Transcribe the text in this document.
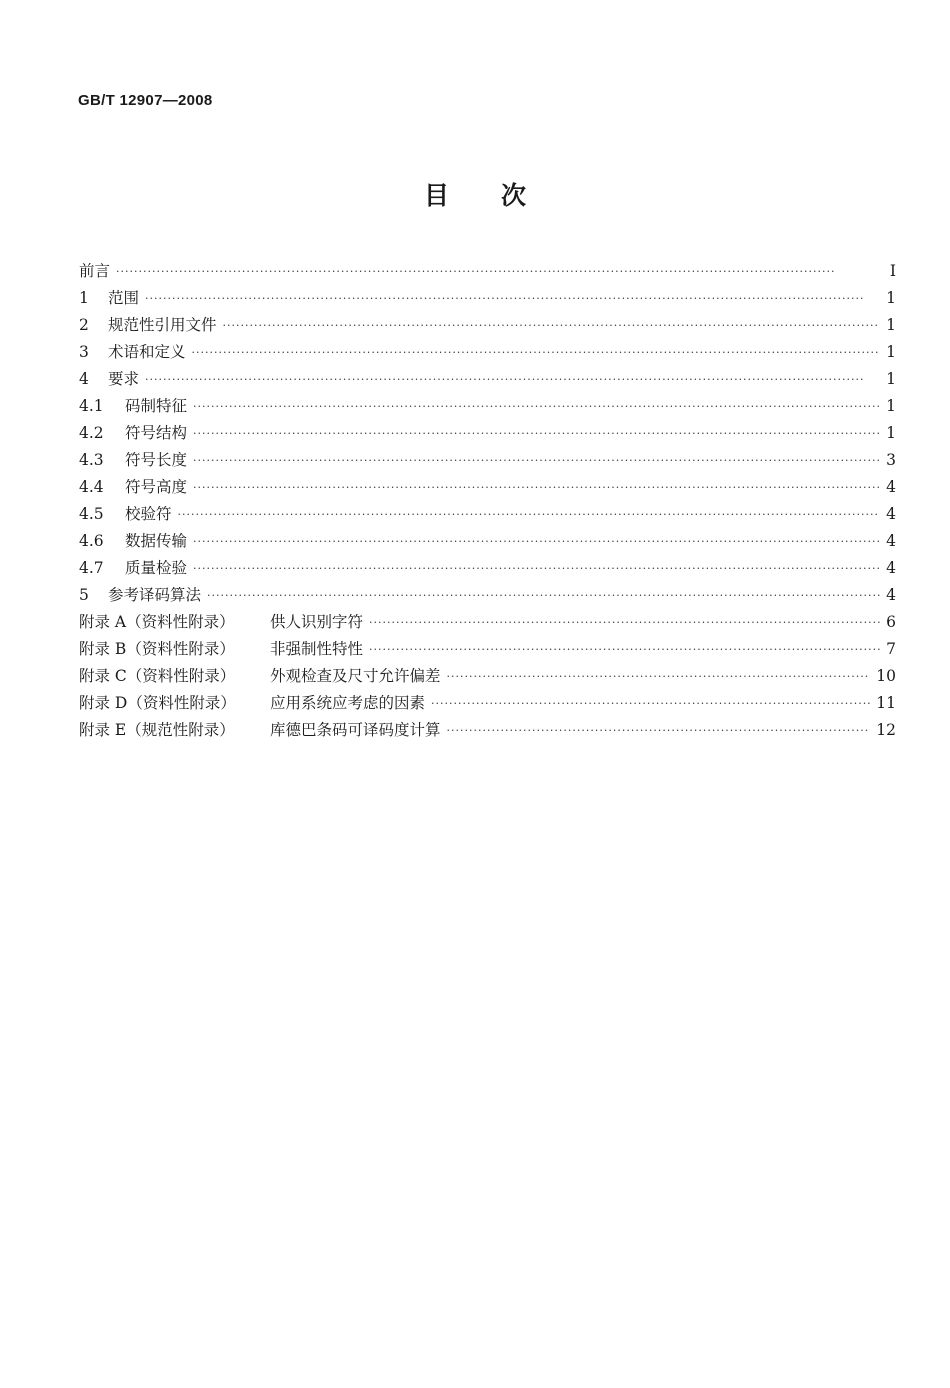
GB/T 12907—2008
目 次
前言 ·····	Ⅰ
1	范围 ·····	1
2	规范性引用文件 ·····	1
3	术语和定义 ·····	1
4	要求 ·····	1
4.1	码制特征 ·····	1
4.2	符号结构 ·····	1
4.3	符号长度 ·····	3
4.4	符号高度 ·····	4
4.5	校验符 ·····	4
4.6	数据传输 ·····	4
4.7	质量检验 ·····	4
5	参考译码算法 ·····	4
附录 A（资料性附录）	供人识别字符 ·····	6
附录 B（资料性附录）	非强制性特性 ·····	7
附录 C（资料性附录）	外观检查及尺寸允许偏差 ·····	10
附录 D（资料性附录）	应用系统应考虑的因素 ·····	11
附录 E（规范性附录）	库德巴条码可译码度计算 ·····	12
